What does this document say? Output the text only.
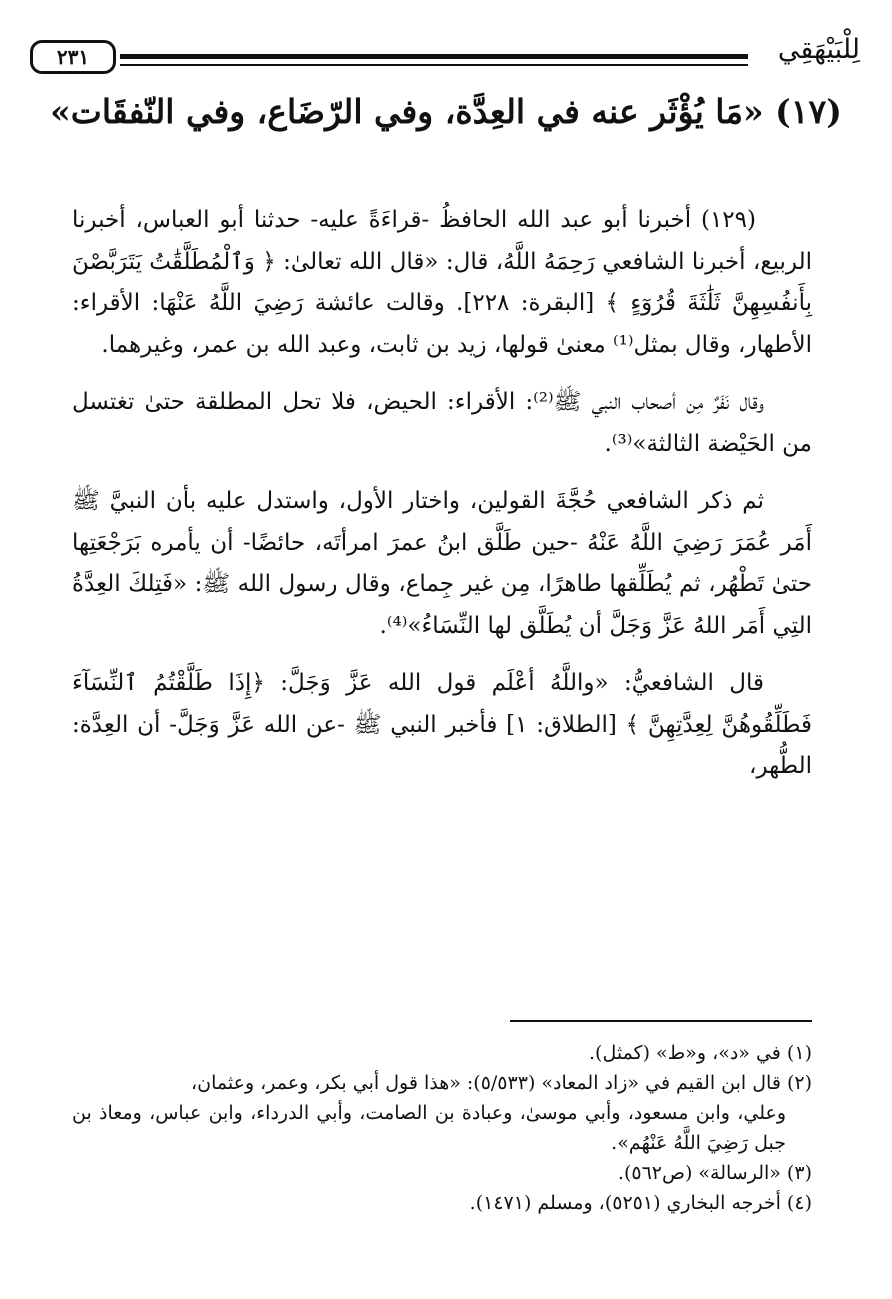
٢٣١	لِلْبَيْهَقِي
(١٧) «مَا يُؤْثَر عنه في العِدَّة، وفي الرّضَاع، وفي النّفقَات»

(١٢٩) أخبرنا أبو عبد الله الحافظُ -قراءَةً عليه- حدثنا أبو العباس، أخبرنا الربيع، أخبرنا الشافعي رَحِمَهُ اللَّهُ، قال: «قال الله تعالىٰ: ﴿ وَٱلْمُطَلَّقَٰتُ يَتَرَبَّصْنَ بِأَنفُسِهِنَّ ثَلَٰثَةَ قُرُوٓءٍ ﴾ [البقرة: ٢٢٨]. وقالت عائشة رَضِيَ اللَّهُ عَنْهَا: الأقراء: الأطهار، وقال بمثل⁽¹⁾ معنىٰ قولها، زيد بن ثابت، وعبد الله بن عمر، وغيرهما.

وقال نَفَرٌ مِن أصحاب النبي ﷺ⁽²⁾: الأقراء: الحيض، فلا تحل المطلقة حتىٰ تغتسل من الحَيْضة الثالثة»⁽³⁾.

ثم ذكر الشافعي حُجَّةَ القولين، واختار الأول، واستدل عليه بأن النبيَّ ﷺ أَمَر عُمَرَ رَضِيَ اللَّهُ عَنْهُ -حين طَلَّق ابنُ عمرَ امرأتَه، حائضًا- أن يأمره بَرَجْعَتِها حتىٰ تَطْهُر، ثم يُطَلِّقها طاهرًا، مِن غير جِماع، وقال رسول الله ﷺ: «فَتِلكَ العِدَّةُ التِي أَمَر اللهُ عَزَّ وَجَلَّ أن يُطَلَّق لها النِّسَاءُ»⁽⁴⁾.

قال الشافعيُّ: «واللَّهُ أعْلَم قول الله عَزَّ وَجَلَّ: ﴿إِذَا طَلَّقْتُمُ ٱلنِّسَآءَ فَطَلِّقُوهُنَّ لِعِدَّتِهِنَّ ﴾ [الطلاق: ١] فأخبر النبي ﷺ -عن الله عَزَّ وَجَلَّ- أن العِدَّة: الطُّهر،

(١) في «د»، و«ط» (كمثل).

(٢) قال ابن القيم في «زاد المعاد» (٥/٥٣٣): «هذا قول أبي بكر، وعمر، وعثمان،

وعلي، وابن مسعود، وأبي موسىٰ، وعبادة بن الصامت، وأبي الدرداء، وابن عباس، ومعاذ بن جبل رَضِيَ اللَّهُ عَنْهُم».

(٣) «الرسالة» (ص٥٦٢).

(٤) أخرجه البخاري (٥٢٥١)، ومسلم (١٤٧١).
